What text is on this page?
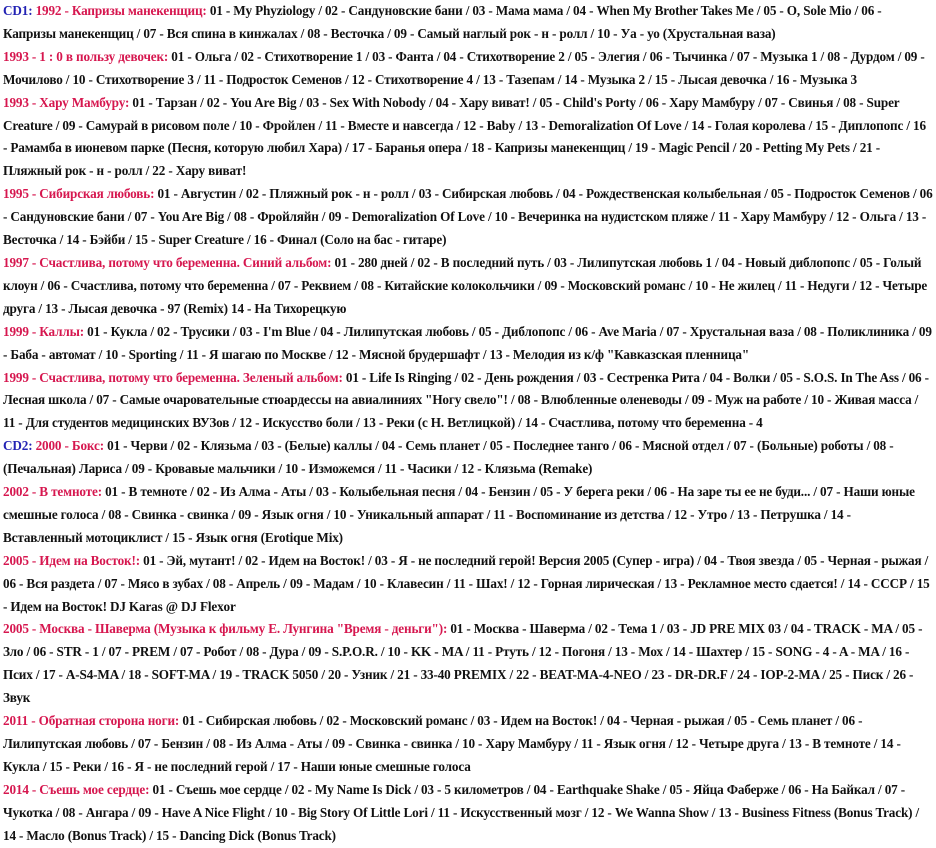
CD1: 1992 - Капризы манекенщиц: 01 - My Phyziology / 02 - Сандуновские бани / 03 - Мама мама / 04 - When My Brother Takes Me / 05 - O, Sole Mio / 06 - Капризы манекенщиц / 07 - Вся спина в кинжалах / 08 - Весточка / 09 - Самый наглый рок - н - ролл / 10 - Уа - уо (Хрустальная ваза)

1993 - 1 : 0 в пользу девочек: 01 - Ольга / 02 - Стихотворение 1 / 03 - Фанта / 04 - Стихотворение 2 / 05 - Элегия / 06 - Тычинка / 07 - Музыка 1 / 08 - Дурдом / 09 - Мочилово / 10 - Стихотворение 3 / 11 - Подросток Семенов / 12 - Стихотворение 4 / 13 - Тазепам / 14 - Музыка 2 / 15 - Лысая девочка / 16 - Музыка 3

1993 - Хару Мамбуру: 01 - Тарзан / 02 - You Are Big / 03 - Sex With Nobody / 04 - Хару виват! / 05 - Child's Porty / 06 - Хару Мамбуру / 07 - Свинья / 08 - Super Creature / 09 - Самурай в рисовом поле / 10 - Фройлен / 11 - Вместе и навсегда / 12 - Baby / 13 - Demoralization Of Love / 14 - Голая королева / 15 - Диплопопс / 16 - Рамамба в июневом парке (Песня, которую любил Хара) / 17 - Баранья опера / 18 - Капризы манекенщиц / 19 - Magic Pencil / 20 - Petting My Pets / 21 - Пляжный рок - н - ролл / 22 - Хару виват!

1995 - Сибирская любовь: 01 - Августин / 02 - Пляжный рок - н - ролл / 03 - Сибирская любовь / 04 - Рождественская колыбельная / 05 - Подросток Семенов / 06 - Сандуновские бани / 07 - You Are Big / 08 - Фройляйн / 09 - Demoralization Of Love / 10 - Вечеринка на нудистском пляже / 11 - Хару Мамбуру / 12 - Ольга / 13 - Весточка / 14 - Бэйби / 15 - Super Creature / 16 - Финал (Соло на бас - гитаре)

1997 - Счастлива, потому что беременна. Синий альбом: 01 - 280 дней / 02 - В последний путь / 03 - Лилипутская любовь 1 / 04 - Новый диблопопс / 05 - Голый клоун / 06 - Счастлива, потому что беременна / 07 - Реквием / 08 - Китайские колокольчики / 09 - Московский романс / 10 - Не жилец / 11 - Недуги / 12 - Четыре друга / 13 - Лысая девочка - 97 (Remix) 14 - На Тихорецкую

1999 - Каллы: 01 - Кукла / 02 - Трусики / 03 - I'm Blue / 04 - Лилипутская любовь / 05 - Диблопопс / 06 - Ave Maria / 07 - Хрустальная ваза / 08 - Поликлиника / 09 - Баба - автомат / 10 - Sporting / 11 - Я шагаю по Москве / 12 - Мясной брудершафт / 13 - Мелодия из к/ф "Кавказская пленница"

1999 - Счастлива, потому что беременна. Зеленый альбом: 01 - Life Is Ringing / 02 - День рождения / 03 - Сестренка Рита / 04 - Волки / 05 - S.O.S. In The Ass / 06 - Лесная школа / 07 - Самые очаровательные стюардессы на авиалиниях "Ногу свело"! / 08 - Влюбленные оленеводы / 09 - Муж на работе / 10 - Живая масса / 11 - Для студентов медицинских ВУЗов / 12 - Искусство боли / 13 - Реки (с Н. Ветлицкой) / 14 - Счастлива, потому что беременна - 4

CD2: 2000 - Бокс: 01 - Черви / 02 - Клязьма / 03 - (Белые) каллы / 04 - Семь планет / 05 - Последнее танго / 06 - Мясной отдел / 07 - (Больные) роботы / 08 - (Печальная) Лариса / 09 - Кровавые мальчики / 10 - Изможемся / 11 - Часики / 12 - Клязьма (Remake)

2002 - В темноте: 01 - В темноте / 02 - Из Алма - Аты / 03 - Колыбельная песня / 04 - Бензин / 05 - У берега реки / 06 - На заре ты ее не буди... / 07 - Наши юные смешные голоса / 08 - Свинка - свинка / 09 - Язык огня / 10 - Уникальный аппарат / 11 - Воспоминание из детства / 12 - Утро / 13 - Петрушка / 14 - Вставленный мотоциклист / 15 - Язык огня (Erotique Mix)

2005 - Идем на Восток!: 01 - Эй, мутант! / 02 - Идем на Восток! / 03 - Я - не последний герой! Версия 2005 (Супер - игра) / 04 - Твоя звезда / 05 - Черная - рыжая / 06 - Вся раздета / 07 - Мясо в зубах / 08 - Апрель / 09 - Мадам / 10 - Клавесин / 11 - Шах! / 12 - Горная лирическая / 13 - Рекламное место сдается! / 14 - СССР / 15 - Идем на Восток! DJ Karas @ DJ Flexor

2005 - Москва - Шаверма (Музыка к фильму Е. Лунгина "Время - деньги"): 01 - Москва - Шаверма / 02 - Тема 1 / 03 - JD PRE MIX 03 / 04 - TRACK - MA / 05 - Зло / 06 - STR - 1 / 07 - PREM / 07 - Робот / 08 - Дура / 09 - S.P.O.R. / 10 - KK - MA / 11 - Ртуть / 12 - Погоня / 13 - Мох / 14 - Шахтер / 15 - SONG - 4 - A - MA / 16 - Псих / 17 - A-S4-MA / 18 - SOFT-MA / 19 - TRACK 5050 / 20 - Узник / 21 - 33-40 PREMIX / 22 - BEAT-MA-4-NEO / 23 - DR-DR.F / 24 - IOP-2-MA / 25 - Писк / 26 - Звук

2011 - Обратная сторона ноги: 01 - Сибирская любовь / 02 - Московский романс / 03 - Идем на Восток! / 04 - Черная - рыжая / 05 - Семь планет / 06 - Лилипутская любовь / 07 - Бензин / 08 - Из Алма - Аты / 09 - Свинка - свинка / 10 - Хару Мамбуру / 11 - Язык огня / 12 - Четыре друга / 13 - В темноте / 14 - Кукла / 15 - Реки / 16 - Я - не последний герой / 17 - Наши юные смешные голоса

2014 - Съешь мое сердце: 01 - Съешь мое сердце / 02 - My Name Is Dick / 03 - 5 километров / 04 - Earthquake Shake / 05 - Яйца Фаберже / 06 - На Байкал / 07 - Чукотка / 08 - Ангара / 09 - Have A Nice Flight / 10 - Big Story Of Little Lori / 11 - Искусственный мозг / 12 - We Wanna Show / 13 - Business Fitness (Bonus Track) / 14 - Масло (Bonus Track) / 15 - Dancing Dick (Bonus Track)
